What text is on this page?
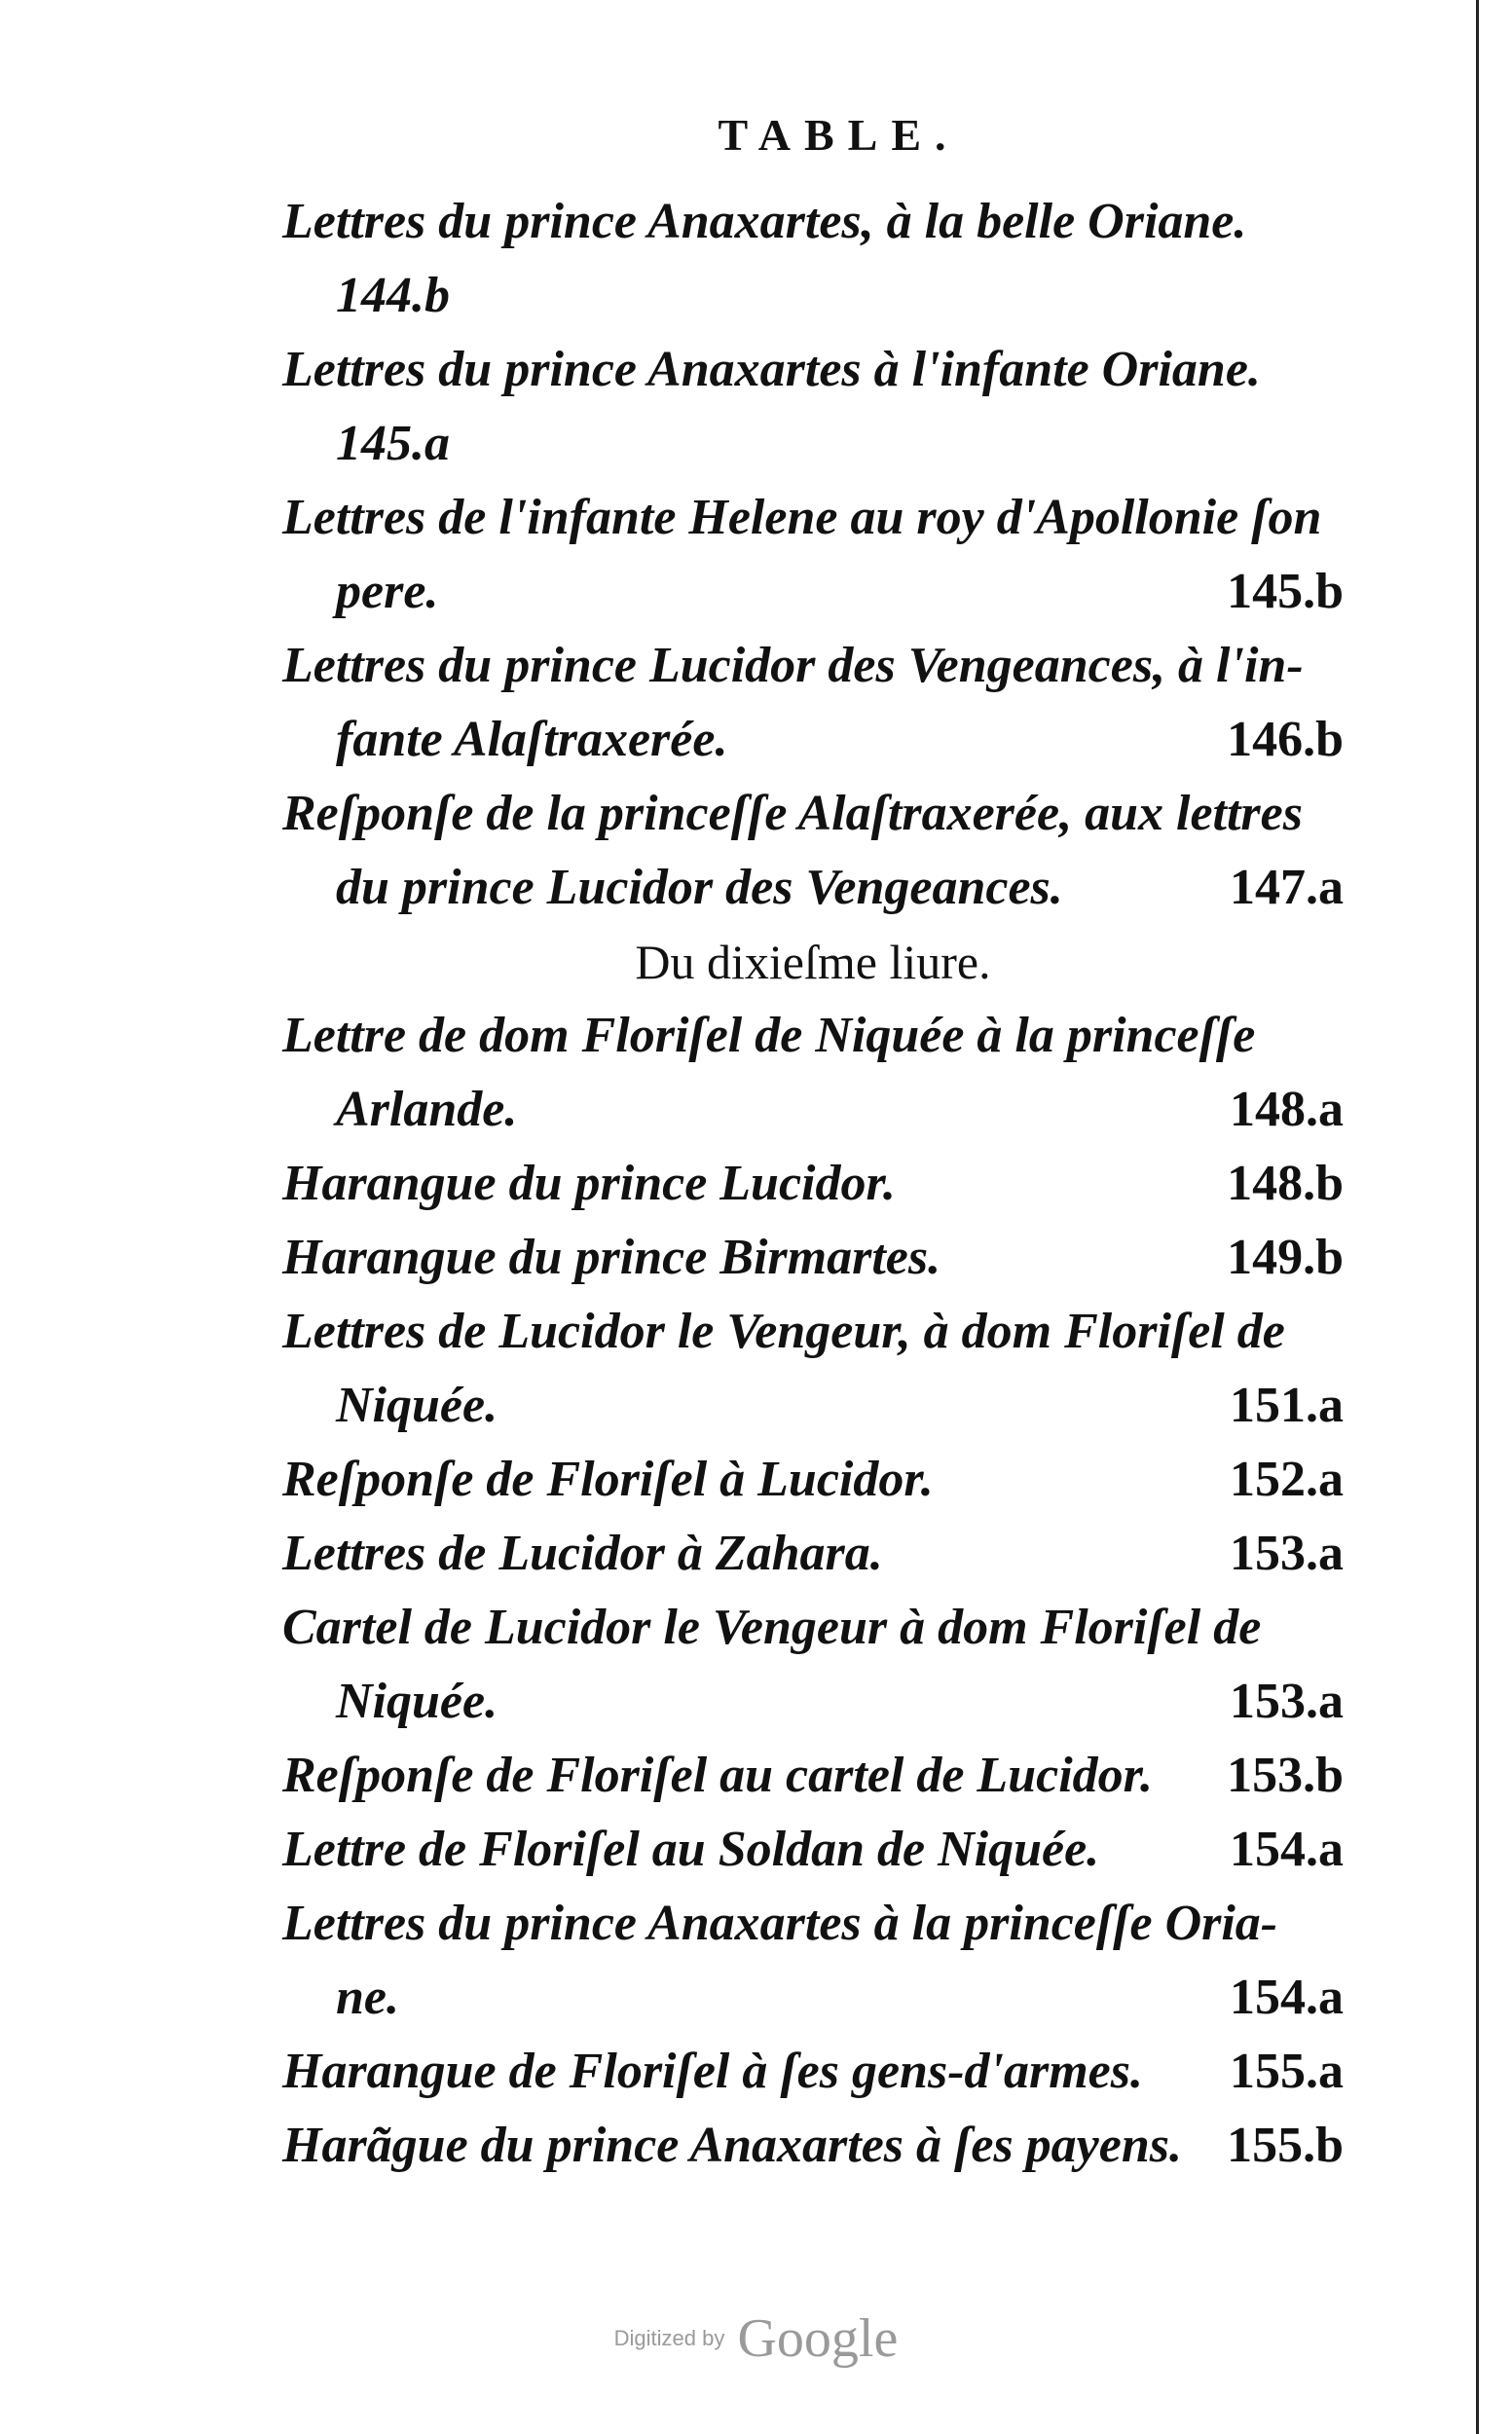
TABLE.
Lettres du prince Anaxartes, à la belle Oriane.
144.b
Lettres du prince Anaxartes à l'infante Oriane.
145.a
Lettres de l'infante Helene au roy d'Apollonie ſon
pere.	145.b
Lettres du prince Lucidor des Vengeances, à l'in-
fante Alaſtraxerée.	146.b
Reſponſe de la princeſſe Alaſtraxerée, aux lettres
du prince Lucidor des Vengeances.	147.a
Du dixieſme liure.
Lettre de dom Floriſel de Niquée à la princeſſe
Arlande.	148.a
Harangue du prince Lucidor.	148.b
Harangue du prince Birmartes.	149.b
Lettres de Lucidor le Vengeur, à dom Floriſel de
Niquée.	151.a
Reſponſe de Floriſel à Lucidor.	152.a
Lettres de Lucidor à Zahara.	153.a
Cartel de Lucidor le Vengeur à dom Floriſel de
Niquée.	153.a
Reſponſe de Floriſel au cartel de Lucidor. 153.b
Lettre de Floriſel au Soldan de Niquée.	154.a
Lettres du prince Anaxartes à la princeſſe Oria-
ne.	154.a
Harangue de Floriſel à ſes gens-d'armes. 155.a
Harãgue du prince Anaxartes à ſes payens. 155.b
Digitized by Google
